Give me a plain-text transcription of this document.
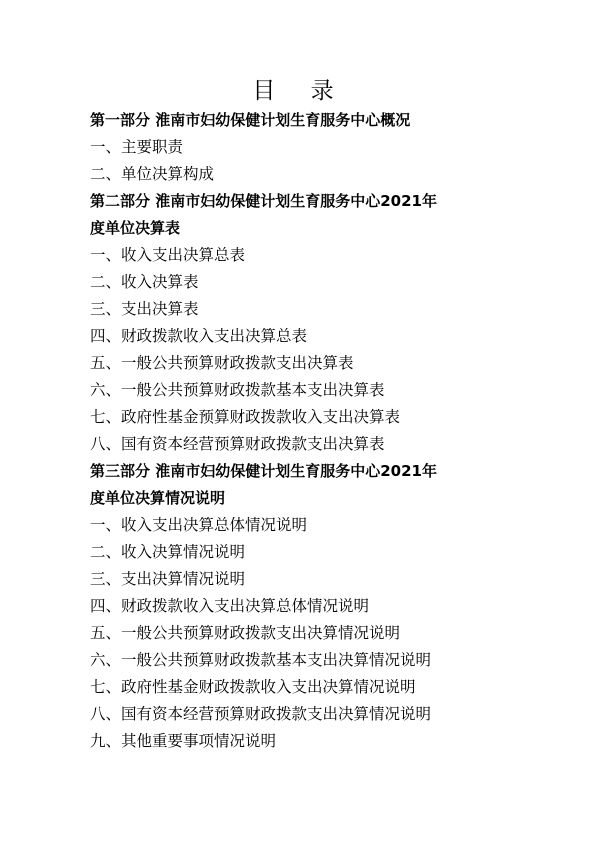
目 录
第一部分 淮南市妇幼保健计划生育服务中心概况
一、主要职责
二、单位决算构成
第二部分 淮南市妇幼保健计划生育服务中心2021年
度单位决算表
一、收入支出决算总表
二、收入决算表
三、支出决算表
四、财政拨款收入支出决算总表
五、一般公共预算财政拨款支出决算表
六、一般公共预算财政拨款基本支出决算表
七、政府性基金预算财政拨款收入支出决算表
八、国有资本经营预算财政拨款支出决算表
第三部分 淮南市妇幼保健计划生育服务中心2021年
度单位决算情况说明
一、收入支出决算总体情况说明
二、收入决算情况说明
三、支出决算情况说明
四、财政拨款收入支出决算总体情况说明
五、一般公共预算财政拨款支出决算情况说明
六、一般公共预算财政拨款基本支出决算情况说明
七、政府性基金财政拨款收入支出决算情况说明
八、国有资本经营预算财政拨款支出决算情况说明
九、其他重要事项情况说明
